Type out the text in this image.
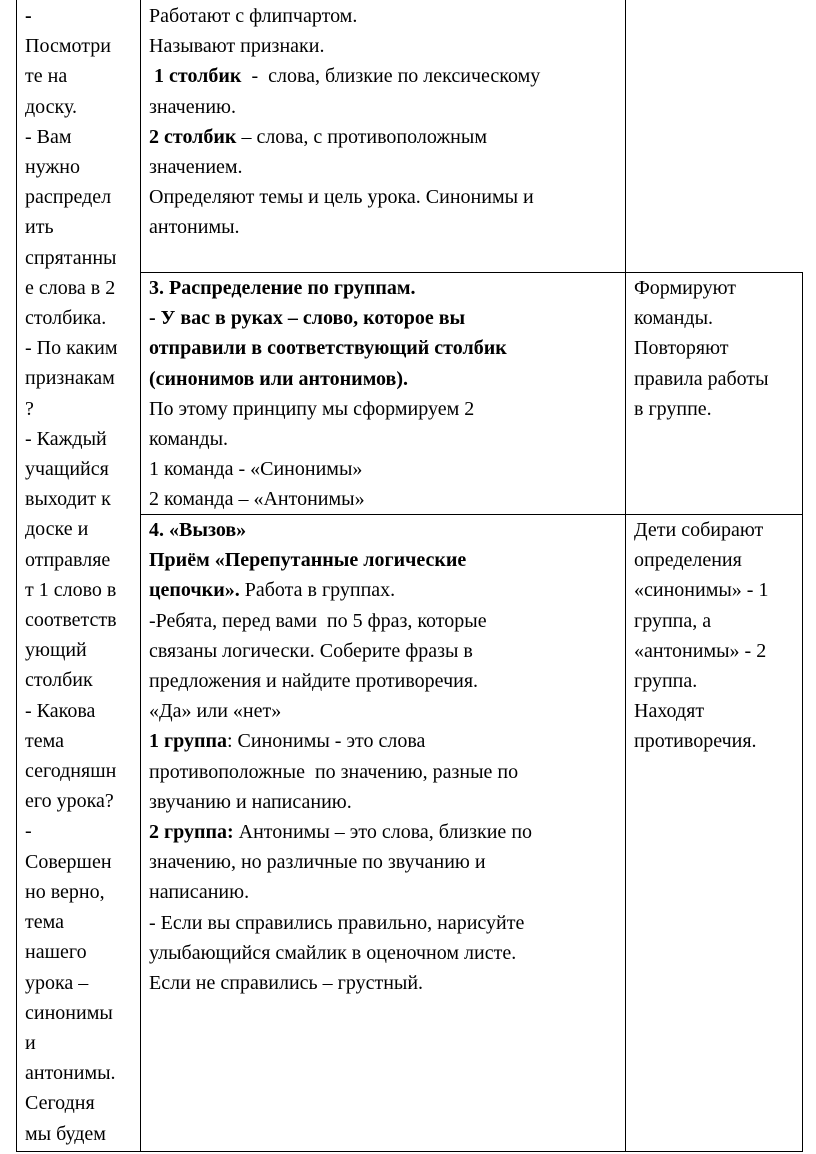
-
Посмотри
те на
доску.
- Вам
нужно
распредел
ить
спрятанны
е слова в 2
столбика.
- По каким
признакам
?
- Каждый
учащийся
выходит к
доске и
отправляе
т 1 слово в
соответств
ующий
столбик
- Какова
тема
сегодняшн
его урока?
-
Совершен
но верно,
тема
нашего
урока –
синонимы
и
антонимы.
Сегодня
мы будем
Работают с флипчартом.
Называют признаки.
1 столбик  -  слова, близкие по лексическому
значению.
2 столбик – слова, с противоположным
значением.
Определяют темы и цель урока. Синонимы и
антонимы.
3. Распределение по группам.
- У вас в руках – слово, которое вы
отправили в соответствующий столбик
(синонимов или антонимов).
По этому принципу мы сформируем 2
команды.
1 команда - «Синонимы»
2 команда – «Антонимы»
Формируют
команды.
Повторяют
правила работы
в группе.
4. «Вызов»
Приём «Перепутанные логические
цепочки». Работа в группах.
-Ребята, перед вами  по 5 фраз, которые
связаны логически. Соберите фразы в
предложения и найдите противоречия.
«Да» или «нет»
1 группа: Синонимы - это слова
противоположные  по значению, разные по
звучанию и написанию.
2 группа: Антонимы – это слова, близкие по
значению, но различные по звучанию и
написанию.
- Если вы справились правильно, нарисуйте
улыбающийся смайлик в оценочном листе.
Если не справились – грустный.
Дети собирают
определения
«синонимы» - 1
группа, а
«антонимы» - 2
группа.
Находят
противоречия.
